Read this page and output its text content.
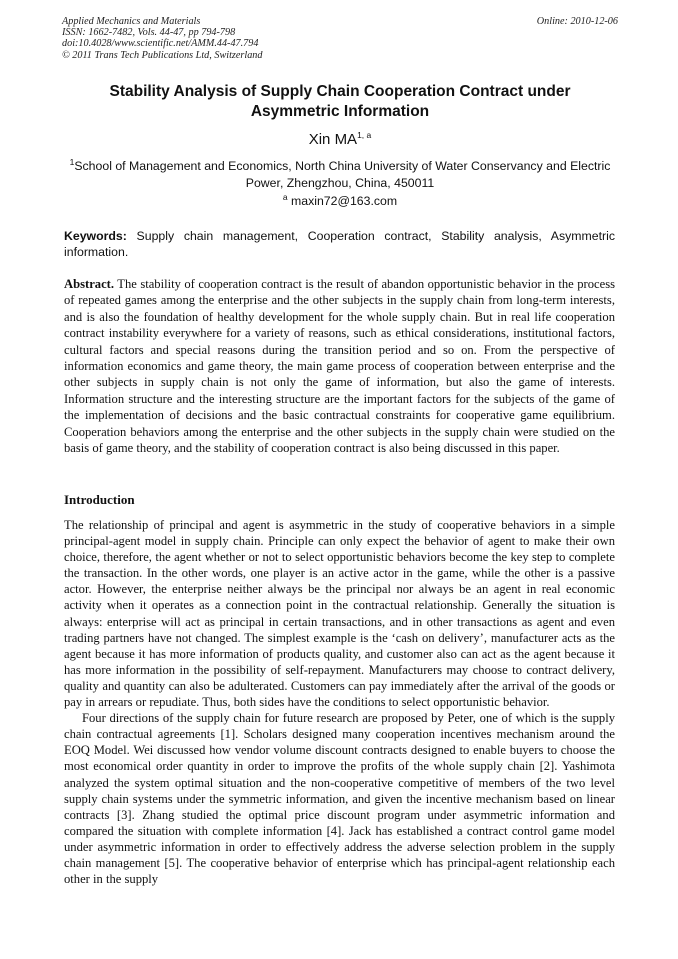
Applied Mechanics and Materials
ISSN: 1662-7482, Vols. 44-47, pp 794-798
doi:10.4028/www.scientific.net/AMM.44-47.794
© 2011 Trans Tech Publications Ltd, Switzerland
Online: 2010-12-06
Stability Analysis of Supply Chain Cooperation Contract under
Asymmetric Information
Xin MA$^{1, a}$
$^1$School of Management and Economics, North China University of Water Conservancy and Electric Power, Zhengzhou, China, 450011
$^a$ maxin72@163.com
Keywords: Supply chain management, Cooperation contract, Stability analysis, Asymmetric information.
Abstract. The stability of cooperation contract is the result of abandon opportunistic behavior in the process of repeated games among the enterprise and the other subjects in the supply chain from long-term interests, and is also the foundation of healthy development for the whole supply chain. But in real life cooperation contract instability everywhere for a variety of reasons, such as ethical considerations, institutional factors, cultural factors and special reasons during the transition period and so on. From the perspective of information economics and game theory, the main game process of cooperation between enterprise and the other subjects in supply chain is not only the game of information, but also the game of interests. Information structure and the interesting structure are the important factors for the subjects of the game of the implementation of decisions and the basic contractual constraints for cooperative game equilibrium. Cooperation behaviors among the enterprise and the other subjects in the supply chain were studied on the basis of game theory, and the stability of cooperation contract is also being discussed in this paper.
Introduction

The relationship of principal and agent is asymmetric in the study of cooperative behaviors in a simple principal-agent model in supply chain. Principle can only expect the behavior of agent to make their own choice, therefore, the agent whether or not to select opportunistic behaviors become the key step to complete the transaction. In the other words, one player is an active actor in the game, while the other is a passive actor. However, the enterprise neither always be the principal nor always be an agent in real economic activity when it operates as a connection point in the contractual relationship. Generally the situation is always: enterprise will act as principal in certain transactions, and in other transactions as agent and even trading partners have not changed. The simplest example is the ‘cash on delivery’, manufacturer acts as the agent because it has more information of products quality, and customer also can act as the agent because it has more information in the possibility of self-repayment. Manufacturers may choose to contract delivery, quality and quantity can also be adulterated. Customers can pay immediately after the arrival of the goods or pay in arrears or repudiate. Thus, both sides have the conditions to select opportunistic behavior.

Four directions of the supply chain for future research are proposed by Peter, one of which is the supply chain contractual agreements [1]. Scholars designed many cooperation incentives mechanism around the EOQ Model. Wei discussed how vendor volume discount contracts designed to enable buyers to choose the most economical order quantity in order to improve the profits of the whole supply chain [2]. Yashimota analyzed the system optimal situation and the non-cooperative competitive of members of the two level supply chain systems under the symmetric information, and given the incentive mechanism based on linear contracts [3]. Zhang studied the optimal price discount program under asymmetric information and compared the situation with complete information [4]. Jack has established a contract control game model under asymmetric information in order to effectively address the adverse selection problem in the supply chain management [5]. The cooperative behavior of enterprise which has principal-agent relationship each other in the supply
